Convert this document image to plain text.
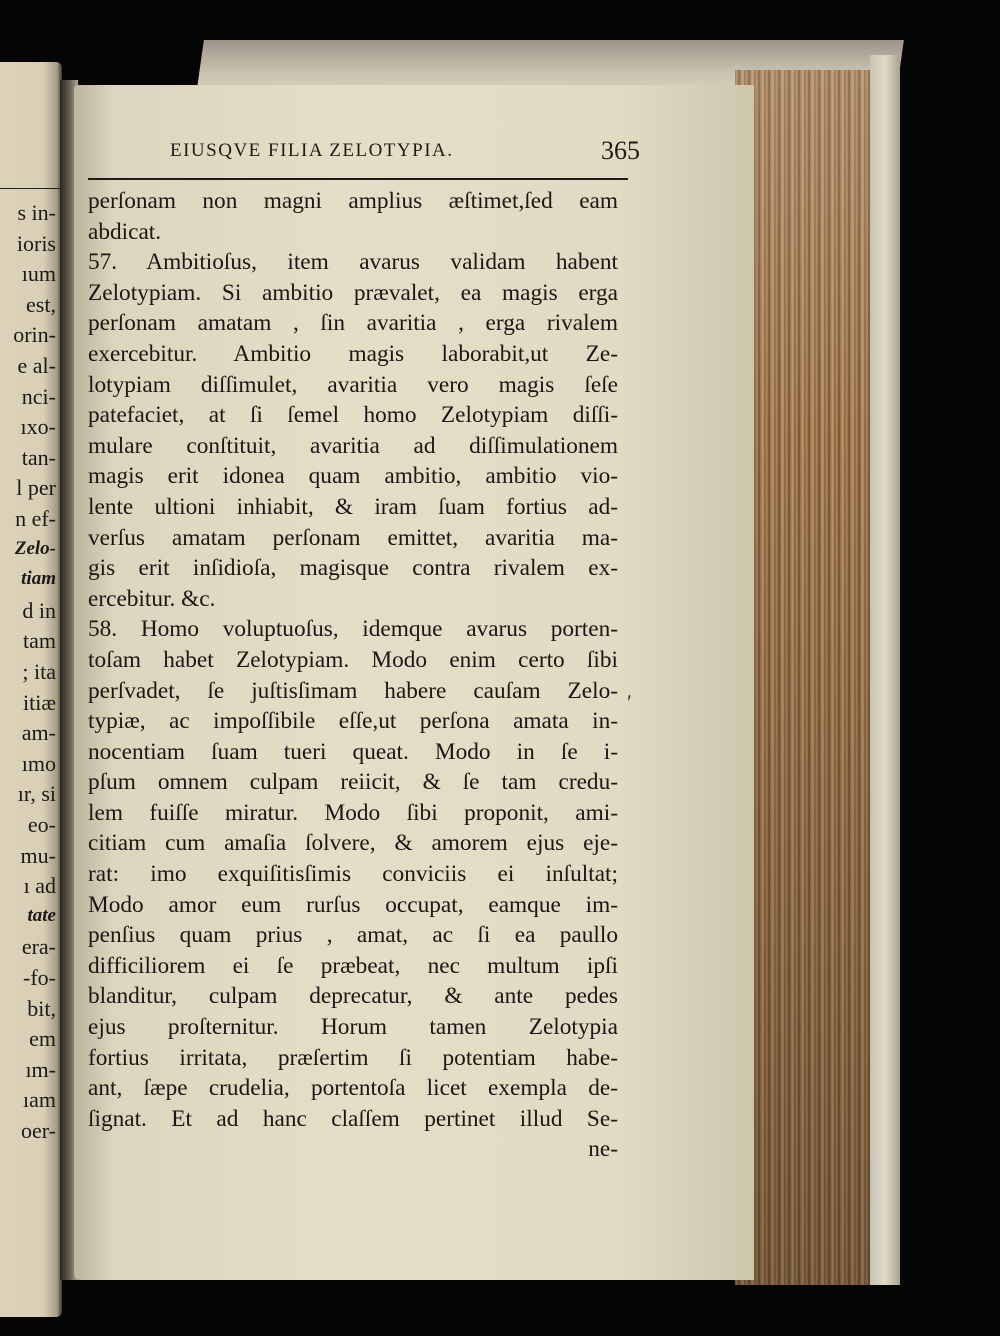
s in-
ioris
ıum
est,
orin-
e al-
nci-
ıxo-
tan-
l per
n ef-
Zelo-
tiam
d in
tam
; ita
itiæ
am-
ımo
ır, si
eo-
mu-
ı ad
tate
era-
-fo-
bit,
em
ım-
ıam
oer-
EIUSQVE FILIA ZELOTYPIA.	365
perſonam non magni amplius æſtimet,ſed eam
abdicat.
57. Ambitioſus, item avarus validam habent
Zelotypiam. Si ambitio prævalet, ea magis erga
perſonam amatam , ſin avaritia , erga rivalem
exercebitur. Ambitio magis laborabit,ut Ze-
lotypiam diſſimulet, avaritia vero magis ſeſe
patefaciet, at ſi ſemel homo Zelotypiam diſſi-
mulare conſtituit, avaritia ad diſſimulationem
magis erit idonea quam ambitio, ambitio vio-
lente ultioni inhiabit, & iram ſuam fortius ad-
verſus amatam perſonam emittet, avaritia ma-
gis erit inſidioſa, magisque contra rivalem ex-
ercebitur. &c.
58. Homo voluptuoſus, idemque avarus porten-
toſam habet Zelotypiam. Modo enim certo ſibi
perſvadet, ſe juſtisſimam habere cauſam Zelo-
typiæ, ac impoſſibile eſſe,ut perſona amata in-
nocentiam ſuam tueri queat. Modo in ſe i-
pſum omnem culpam reiicit, & ſe tam credu-
lem fuiſſe miratur. Modo ſibi proponit, ami-
citiam cum amaſia ſolvere, & amorem ejus eje-
rat: imo exquiſitisſimis conviciis ei inſultat;
Modo amor eum rurſus occupat, eamque im-
penſius quam prius , amat, ac ſi ea paullo
difficiliorem ei ſe præbeat, nec multum ipſi
blanditur, culpam deprecatur, & ante pedes
ejus proſternitur. Horum tamen Zelotypia
fortius irritata, præſertim ſi potentiam habe-
ant, ſæpe crudelia, portentoſa licet exempla de-
ſignat. Et ad hanc claſſem pertinet illud Se-
ne-
ʹ
